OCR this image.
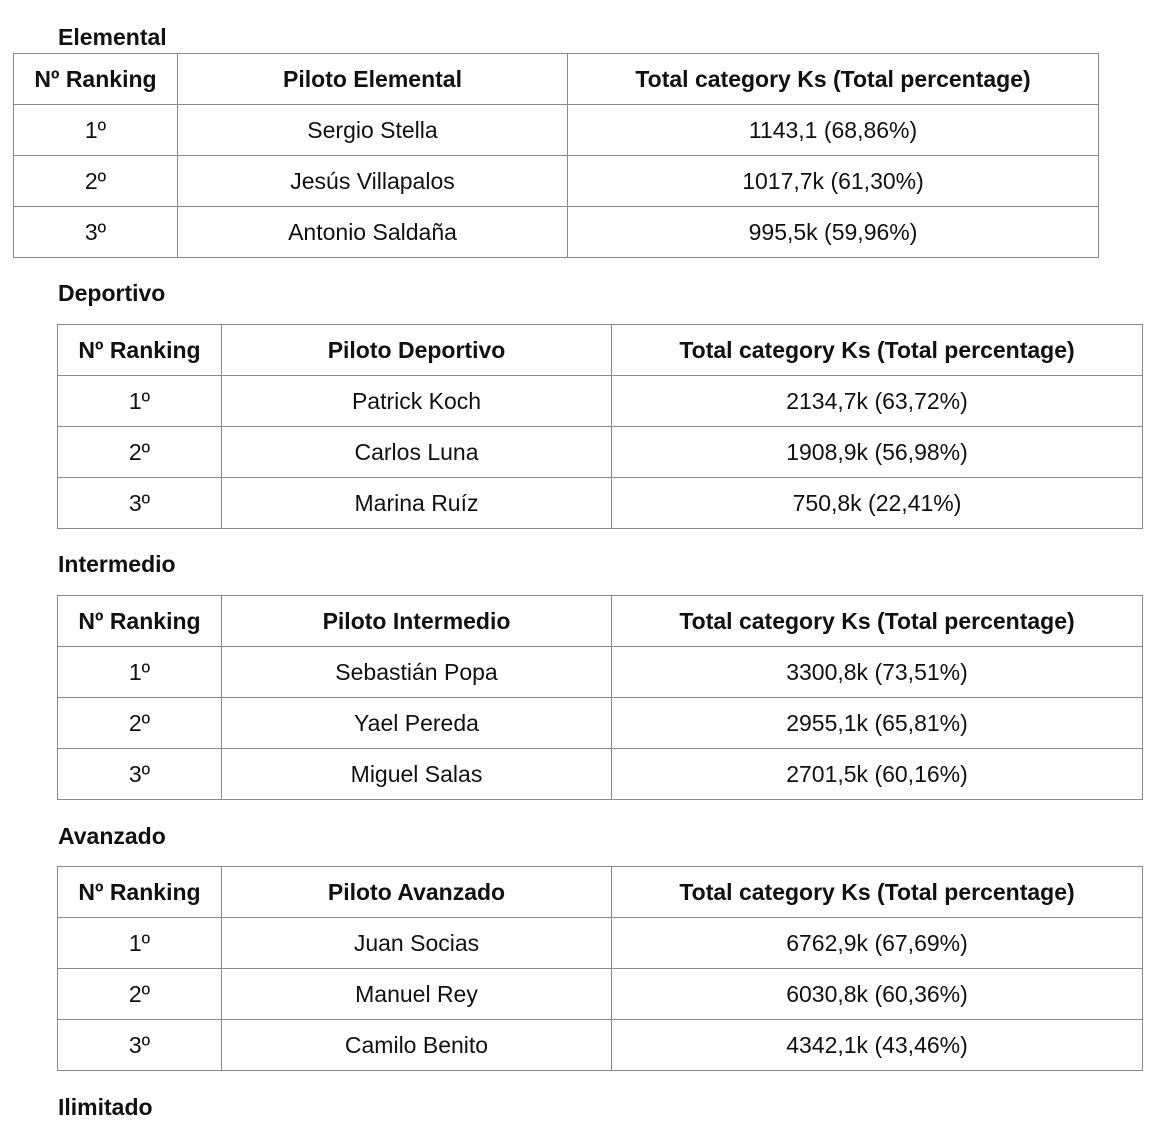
Elemental
Nº Ranking	Piloto Elemental	Total category Ks (Total percentage)
1º	Sergio Stella	1143,1 (68,86%)
2º	Jesús Villapalos	1017,7k (61,30%)
3º	Antonio Saldaña	995,5k (59,96%)
Deportivo
Nº Ranking	Piloto Deportivo	Total category Ks (Total percentage)
1º	Patrick Koch	2134,7k (63,72%)
2º	Carlos Luna	1908,9k (56,98%)
3º	Marina Ruíz	750,8k (22,41%)
Intermedio
Nº Ranking	Piloto Intermedio	Total category Ks (Total percentage)
1º	Sebastián Popa	3300,8k (73,51%)
2º	Yael Pereda	2955,1k (65,81%)
3º	Miguel Salas	2701,5k (60,16%)
Avanzado
Nº Ranking	Piloto Avanzado	Total category Ks (Total percentage)
1º	Juan Socias	6762,9k (67,69%)
2º	Manuel Rey	6030,8k (60,36%)
3º	Camilo Benito	4342,1k (43,46%)
Ilimitado
